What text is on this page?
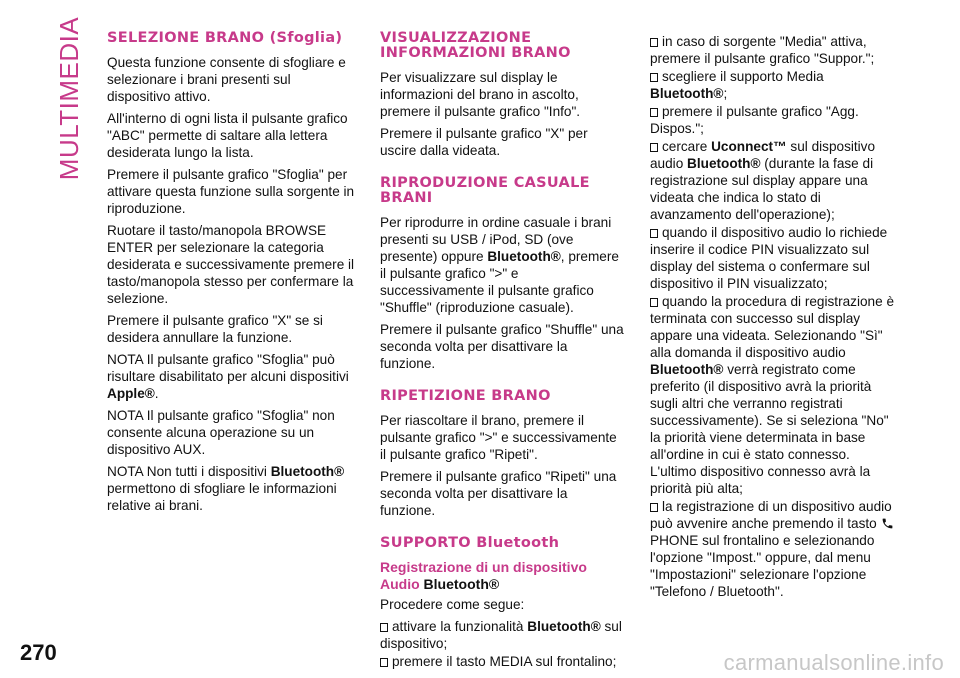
MULTIMEDIA SELEZIONE BRANO (Sfoglia)

Questa funzione consente di sfogliare e selezionare i brani presenti sul dispositivo attivo.

All'interno di ogni lista il pulsante grafico "ABC" permette di saltare alla lettera desiderata lungo la lista.

Premere il pulsante grafico "Sfoglia" per attivare questa funzione sulla sorgente in riproduzione.

Ruotare il tasto/manopola BROWSE ENTER per selezionare la categoria desiderata e successivamente premere il tasto/manopola stesso per confermare la selezione.

Premere il pulsante grafico "X" se si desidera annullare la funzione.

NOTA Il pulsante grafico "Sfoglia" può risultare disabilitato per alcuni dispositivi Apple®.

NOTA Il pulsante grafico "Sfoglia" non consente alcuna operazione su un dispositivo AUX.

NOTA Non tutti i dispositivi Bluetooth® permettono di sfogliare le informazioni relative ai brani.

VISUALIZZAZIONE INFORMAZIONI BRANO

Per visualizzare sul display le informazioni del brano in ascolto, premere il pulsante grafico "Info".

Premere il pulsante grafico "X" per uscire dalla videata.

RIPRODUZIONE CASUALE BRANI

Per riprodurre in ordine casuale i brani presenti su USB / iPod, SD (ove presente) oppure Bluetooth®, premere il pulsante grafico ">" e successivamente il pulsante grafico "Shuffle" (riproduzione casuale).

Premere il pulsante grafico "Shuffle" una seconda volta per disattivare la funzione.

RIPETIZIONE BRANO

Per riascoltare il brano, premere il pulsante grafico ">" e successivamente il pulsante grafico "Ripeti".

Premere il pulsante grafico "Ripeti" una seconda volta per disattivare la funzione.

SUPPORTO Bluetooth
Registrazione di un dispositivo Audio Bluetooth®

Procedere come segue:

attivare la funzionalità Bluetooth® sul dispositivo;
premere il tasto MEDIA sul frontalino;
in caso di sorgente "Media" attiva, premere il pulsante grafico "Suppor.";
scegliere il supporto Media Bluetooth®;
premere il pulsante grafico "Agg. Dispos.";
cercare Uconnect™ sul dispositivo audio Bluetooth® (durante la fase di registrazione sul display appare una videata che indica lo stato di avanzamento dell'operazione);
quando il dispositivo audio lo richiede inserire il codice PIN visualizzato sul display del sistema o confermare sul dispositivo il PIN visualizzato;
quando la procedura di registrazione è terminata con successo sul display appare una videata. Selezionando "Sì" alla domanda il dispositivo audio Bluetooth® verrà registrato come preferito (il dispositivo avrà la priorità sugli altri che verranno registrati successivamente). Se si seleziona "No" la priorità viene determinata in base all'ordine in cui è stato connesso. L'ultimo dispositivo connesso avrà la priorità più alta;
la registrazione di un dispositivo audio può avvenire anche premendo il tasto  PHONE sul frontalino e selezionando l'opzione "Impost." oppure, dal menu "Impostazioni" selezionare l'opzione "Telefono / Bluetooth".
270	carmanualsonline.info
